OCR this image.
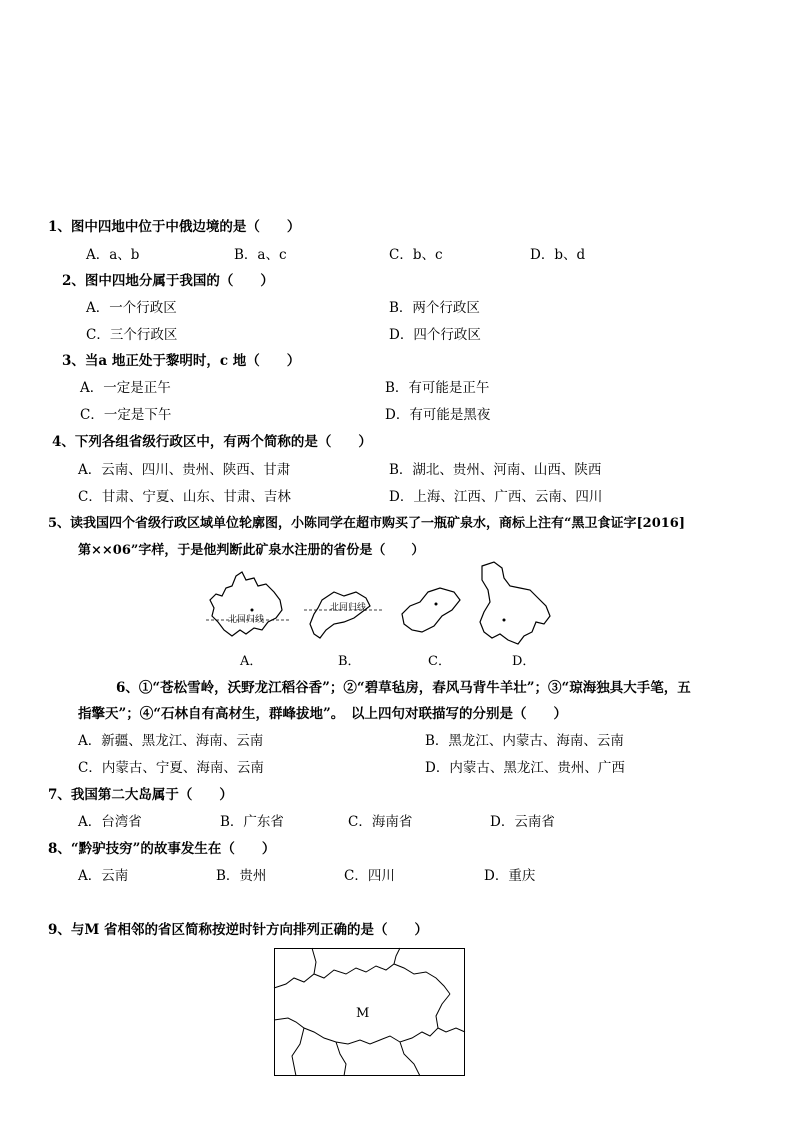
1、图中四地中位于中俄边境的是（　　）
A．a、b	B．a、c	C．b、c	D．b、d
2、图中四地分属于我国的（　　）
A．一个行政区	B．两个行政区
C．三个行政区	D．四个行政区
3、当a 地正处于黎明时，c 地（　　）
A．一定是正午	B．有可能是正午
C．一定是下午	D．有可能是黑夜
4、下列各组省级行政区中，有两个简称的是（　　）
A．云南、四川、贵州、陕西、甘肃	B．湖北、贵州、河南、山西、陕西
C．甘肃、宁夏、山东、甘肃、吉林	D．上海、江西、广西、云南、四川
5、读我国四个省级行政区域单位轮廓图，小陈同学在超市购买了一瓶矿泉水，商标上注有“黑卫食证字[2016]
第××06”字样，于是他判断此矿泉水注册的省份是（　　）
北回归线
北回归线
A．	B．	C．	D．
6、①“苍松雪岭，沃野龙江稻谷香”；②“碧草毡房，春风马背牛羊壮”；③“琼海独具大手笔，五
指擎天”；④“石林自有高材生，群峰拔地”。　以上四句对联描写的分别是（　　）
A．新疆、黑龙江、海南、云南	B．黑龙江、内蒙古、海南、云南
C．内蒙古、宁夏、海南、云南	D．内蒙古、黑龙江、贵州、广西
7、我国第二大岛属于（　　）
A．台湾省	B．广东省	C．海南省	D．云南省
8、“黔驴技穷”的故事发生在（　　）
A．云南	B．贵州	C．四川	D．重庆
9、与M 省相邻的省区简称按逆时针方向排列正确的是（　　）
M
